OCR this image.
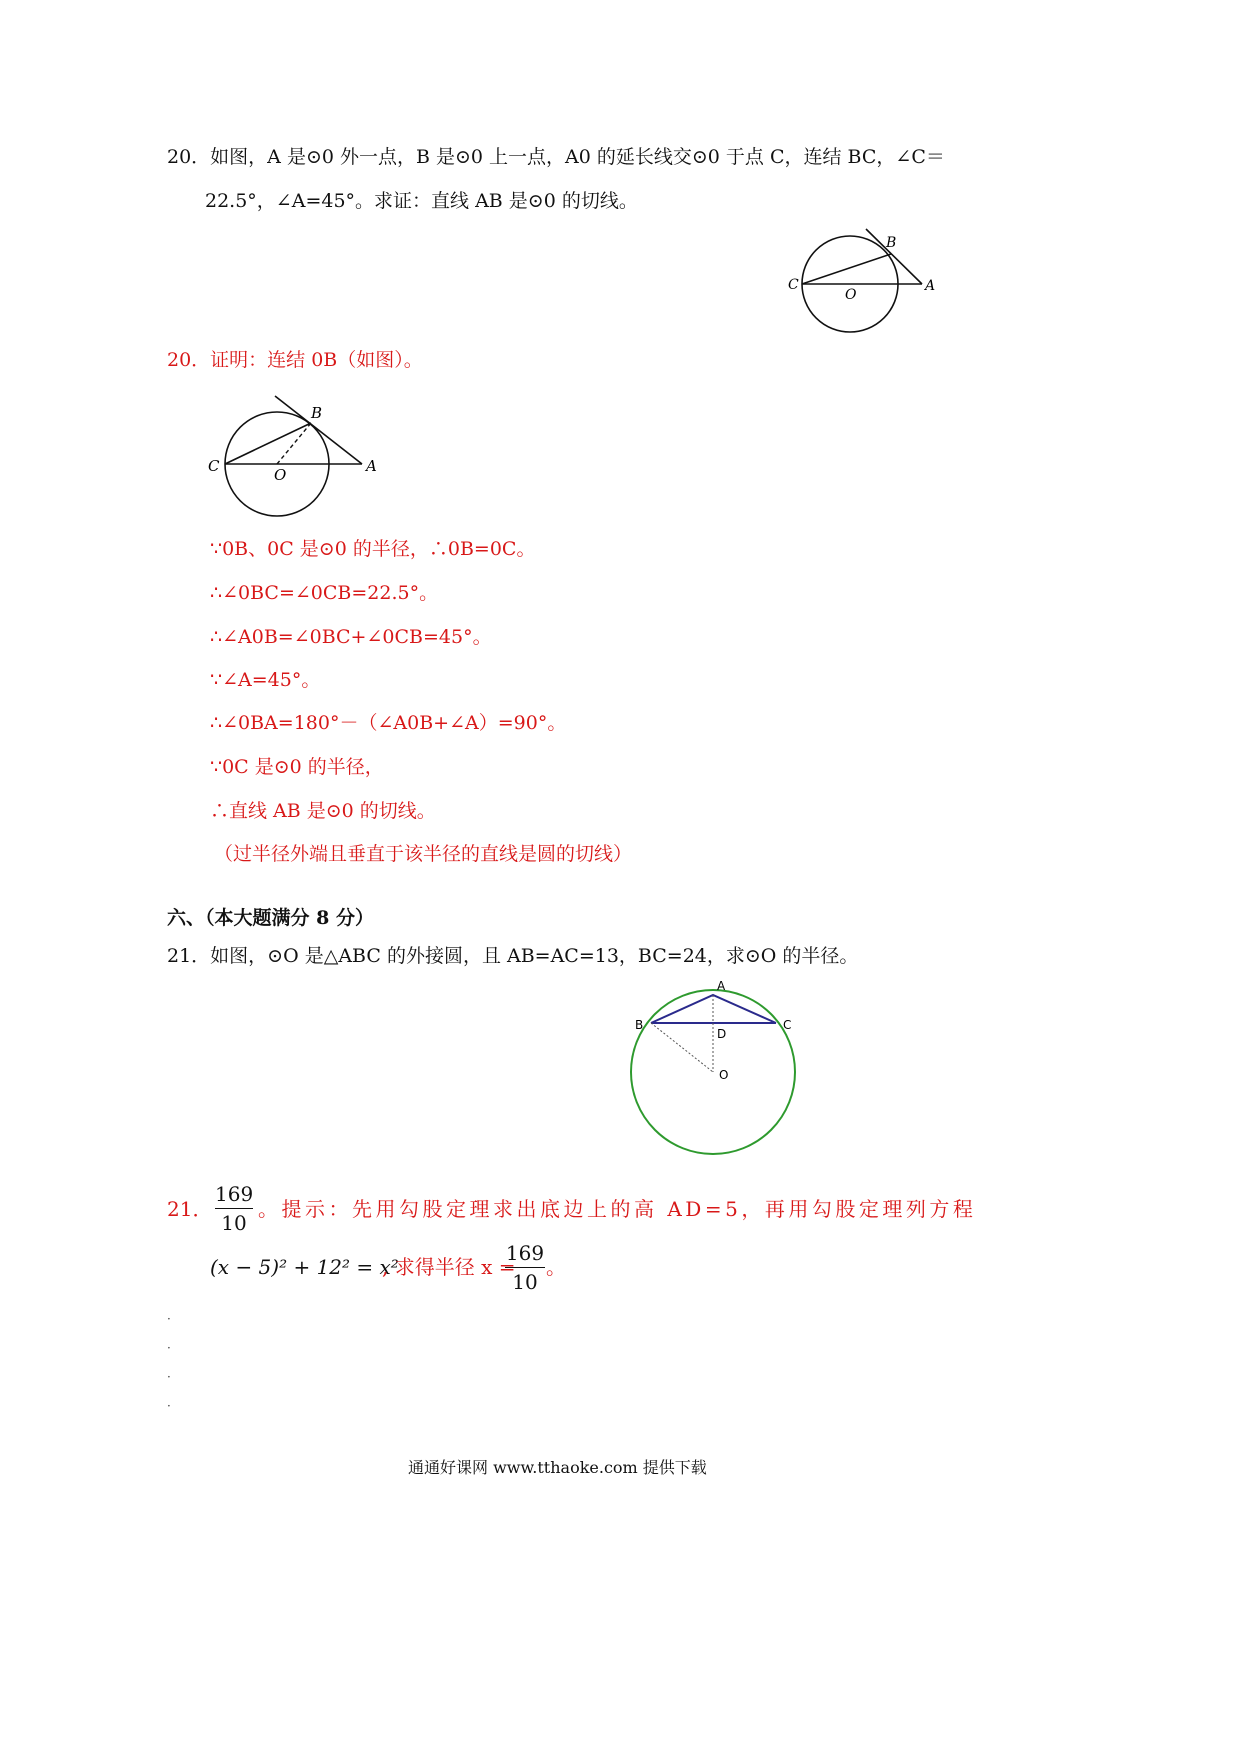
20．如图，A 是⊙0 外一点，B 是⊙0 上一点，A0 的延长线交⊙0 于点 C，连结 BC，∠C＝
22.5°，∠A=45°。求证：直线 AB 是⊙0 的切线。
B
C
O
A
20．证明：连结 0B（如图）。
B
C	O	A
∵0B、0C 是⊙0 的半径，∴0B=0C。
∴∠0BC=∠0CB=22.5°。
∴∠A0B=∠0BC+∠0CB=45°。
∵∠A=45°。
∴∠0BA=180°－（∠A0B+∠A）=90°。
∵0C 是⊙0 的半径，
∴直线 AB 是⊙0 的切线。
（过半径外端且垂直于该半径的直线是圆的切线）
六、（本大题满分 8 分）
21．如图，⊙O 是△ABC 的外接圆，且 AB=AC=13，BC=24，求⊙O 的半径。
A
B	C
D
O
21．
169
10
。提示：先用勾股定理求出底边上的高 AD=5，再用勾股定理列方程
(x − 5)² + 12² = x²
, 求得半径 x =
169
10
。
·
·
·
·
通通好课网 www.tthaoke.com 提供下载
